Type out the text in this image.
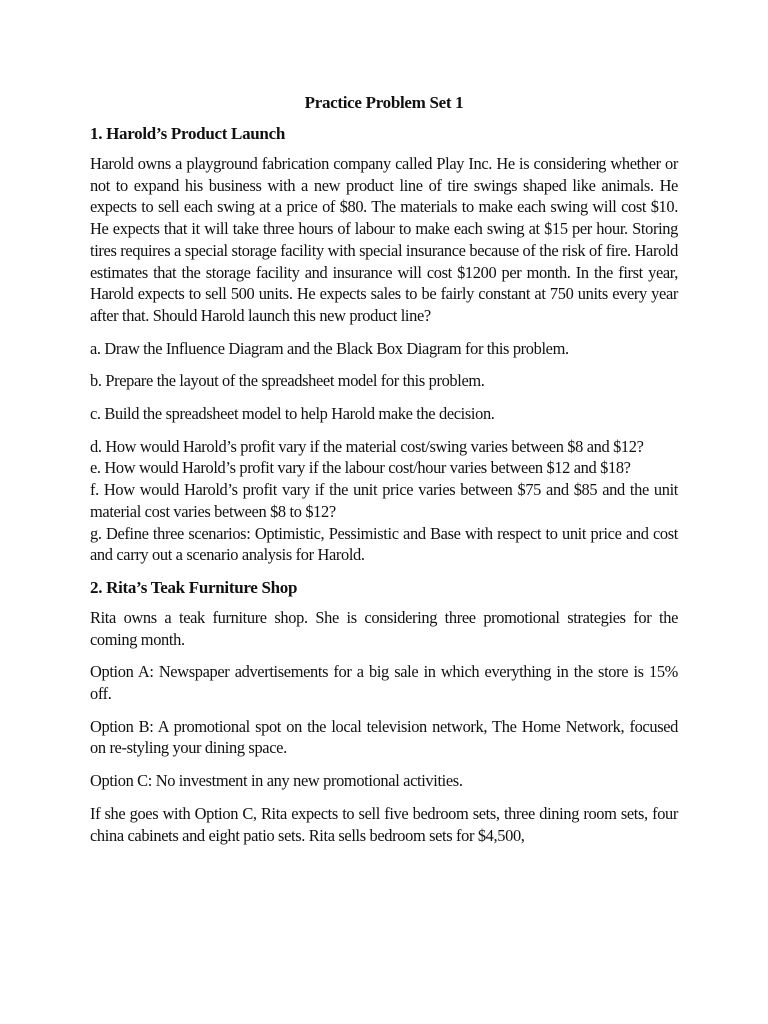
Practice Problem Set 1
1. Harold’s Product Launch

Harold owns a playground fabrication company called Play Inc. He is considering whether or not to expand his business with a new product line of tire swings shaped like animals. He expects to sell each swing at a price of $80. The materials to make each swing will cost $10. He expects that it will take three hours of labour to make each swing at $15 per hour. Storing tires requires a special storage facility with special insurance because of the risk of fire. Harold estimates that the storage facility and insurance will cost $1200 per month. In the first year, Harold expects to sell 500 units. He expects sales to be fairly constant at 750 units every year after that. Should Harold launch this new product line?

a. Draw the Influence Diagram and the Black Box Diagram for this problem.

b. Prepare the layout of the spreadsheet model for this problem.

c. Build the spreadsheet model to help Harold make the decision.

d. How would Harold’s profit vary if the material cost/swing varies between $8 and $12?

e. How would Harold’s profit vary if the labour cost/hour varies between $12 and $18?

f. How would Harold’s profit vary if the unit price varies between $75 and $85 and the unit material cost varies between $8 to $12?

g. Define three scenarios: Optimistic, Pessimistic and Base with respect to unit price and cost and carry out a scenario analysis for Harold.

2. Rita’s Teak Furniture Shop

Rita owns a teak furniture shop. She is considering three promotional strategies for the coming month.

Option A: Newspaper advertisements for a big sale in which everything in the store is 15% off.

Option B: A promotional spot on the local television network, The Home Network, focused on re-styling your dining space.

Option C: No investment in any new promotional activities.

If she goes with Option C, Rita expects to sell five bedroom sets, three dining room sets, four china cabinets and eight patio sets. Rita sells bedroom sets for $4,500,
